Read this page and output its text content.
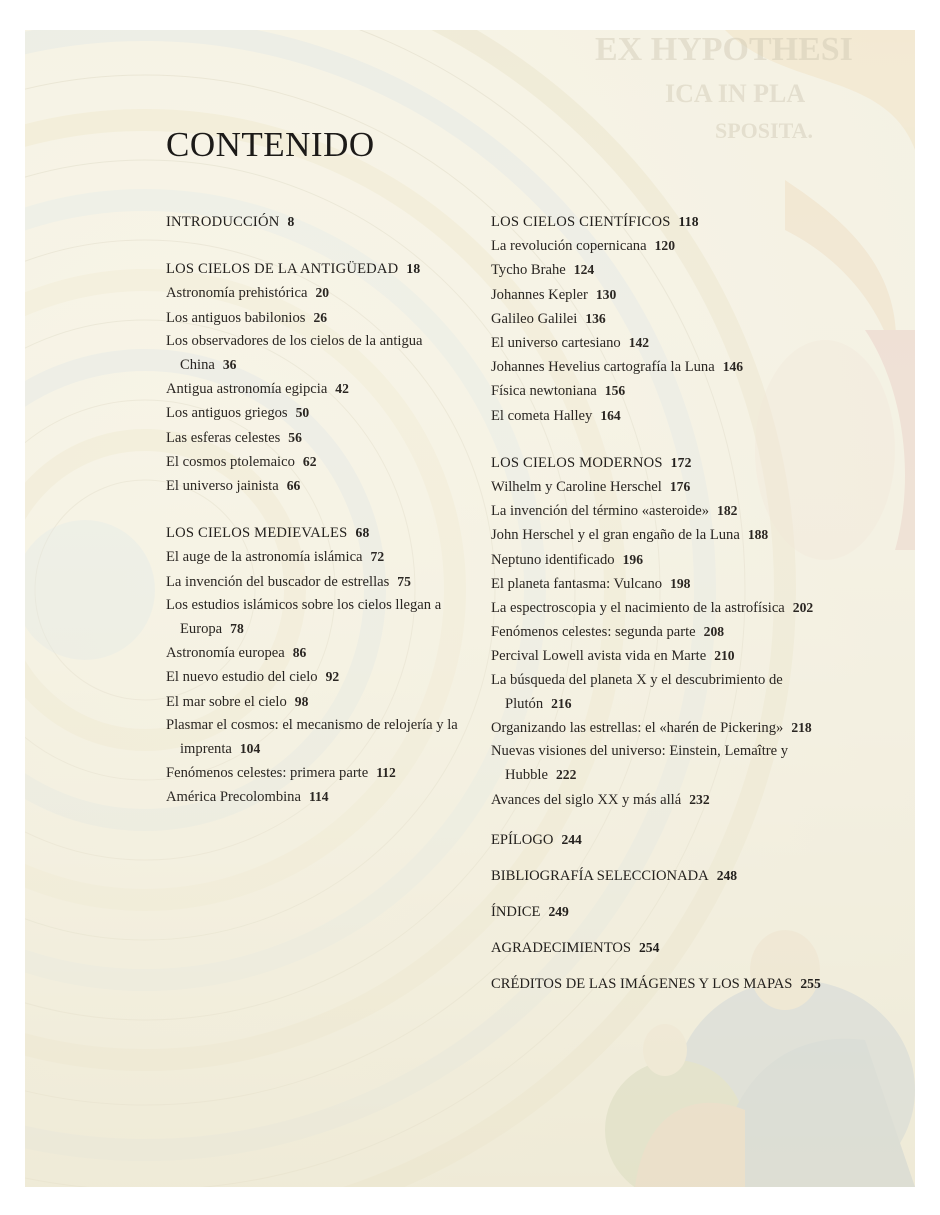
CONTENIDO
INTRODUCCIÓN 8
LOS CIELOS DE LA ANTIGÜEDAD 18
Astronomía prehistórica 20
Los antiguos babilonios 26
Los observadores de los cielos de la antigua China 36
Antigua astronomía egipcia 42
Los antiguos griegos 50
Las esferas celestes 56
El cosmos ptolemaico 62
El universo jainista 66
LOS CIELOS MEDIEVALES 68
El auge de la astronomía islámica 72
La invención del buscador de estrellas 75
Los estudios islámicos sobre los cielos llegan a Europa 78
Astronomía europea 86
El nuevo estudio del cielo 92
El mar sobre el cielo 98
Plasmar el cosmos: el mecanismo de relojería y la imprenta 104
Fenómenos celestes: primera parte 112
América Precolombina 114
LOS CIELOS CIENTÍFICOS 118
La revolución copernicana 120
Tycho Brahe 124
Johannes Kepler 130
Galileo Galilei 136
El universo cartesiano 142
Johannes Hevelius cartografía la Luna 146
Física newtoniana 156
El cometa Halley 164
LOS CIELOS MODERNOS 172
Wilhelm y Caroline Herschel 176
La invención del término «asteroide» 182
John Herschel y el gran engaño de la Luna 188
Neptuno identificado 196
El planeta fantasma: Vulcano 198
La espectroscopia y el nacimiento de la astrofísica 202
Fenómenos celestes: segunda parte 208
Percival Lowell avista vida en Marte 210
La búsqueda del planeta X y el descubrimiento de Plutón 216
Organizando las estrellas: el «harén de Pickering» 218
Nuevas visiones del universo: Einstein, Lemaître y Hubble 222
Avances del siglo XX y más allá 232
EPÍLOGO 244
BIBLIOGRAFÍA SELECCIONADA 248
ÍNDICE 249
AGRADECIMIENTOS 254
CRÉDITOS DE LAS IMÁGENES Y LOS MAPAS 255
